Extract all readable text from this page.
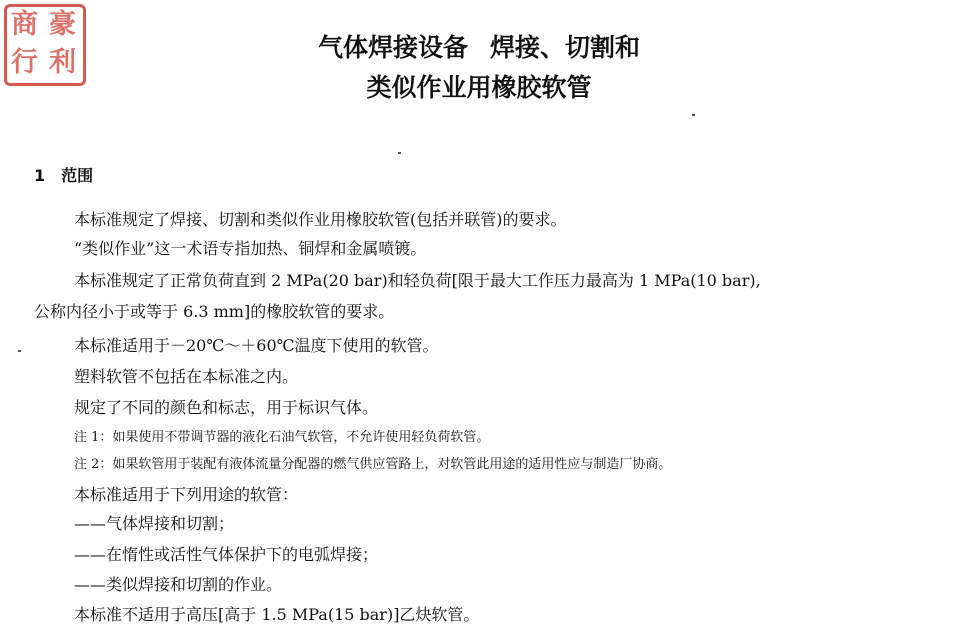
豪
商
利
行	气体焊接设备 焊接、切割和
类似作业用橡胶软管
1 范围
本标准规定了焊接、切割和类似作业用橡胶软管(包括并联管)的要求。
“类似作业”这一术语专指加热、铜焊和金属喷镀。
本标准规定了正常负荷直到 2 MPa(20 bar)和轻负荷[限于最大工作压力最高为 1 MPa(10 bar),
公称内径小于或等于 6.3 mm]的橡胶软管的要求。
本标准适用于－20℃～＋60℃温度下使用的软管。
塑料软管不包括在本标准之内。
规定了不同的颜色和标志，用于标识气体。
注 1：如果使用不带调节器的液化石油气软管，不允许使用轻负荷软管。
注 2：如果软管用于装配有液体流量分配器的燃气供应管路上，对软管此用途的适用性应与制造厂协商。
本标准适用于下列用途的软管：
——气体焊接和切割；
——在惰性或活性气体保护下的电弧焊接；
——类似焊接和切割的作业。
本标准不适用于高压[高于 1.5 MPa(15 bar)]乙炔软管。
